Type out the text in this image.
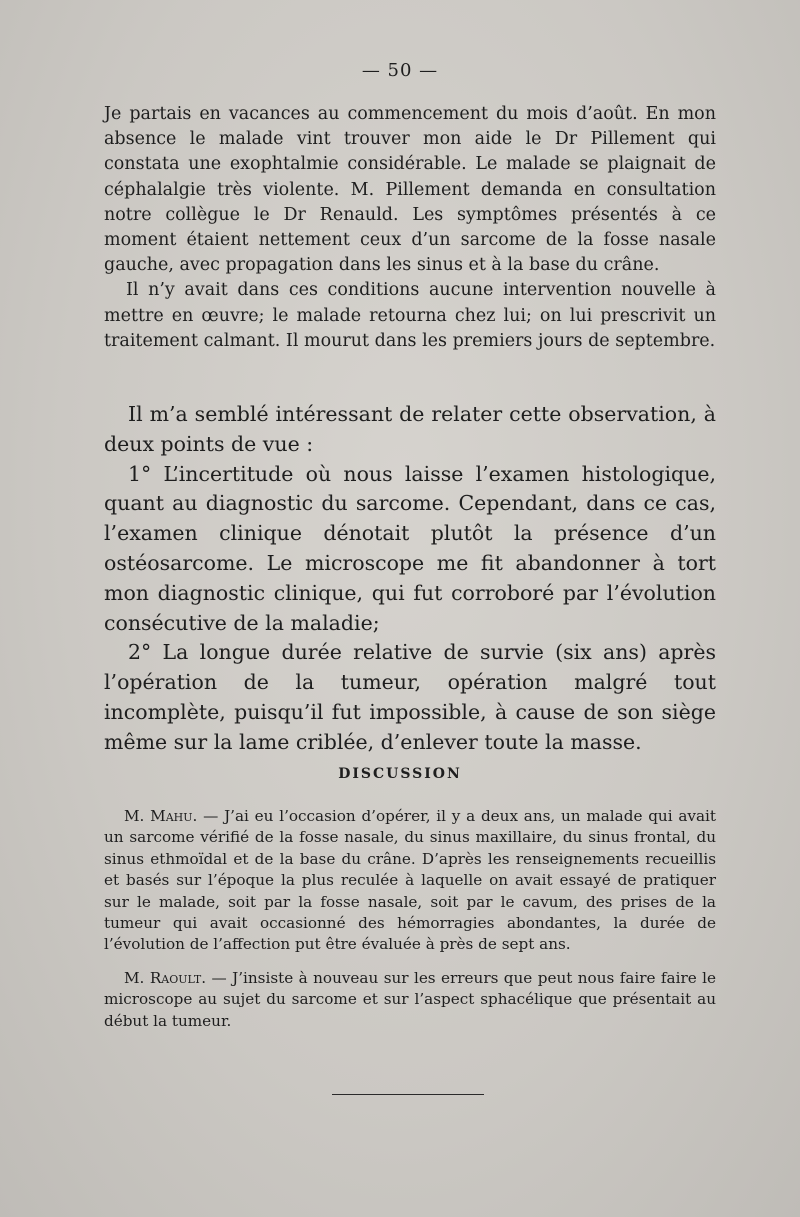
— 50 —

Je partais en vacances au commencement du mois d’août. En mon absence le malade vint trouver mon aide le Dr Pillement qui constata une exophtalmie considérable. Le malade se plaignait de céphalalgie très violente. M. Pillement demanda en consultation notre collègue le Dr Renauld. Les symptômes présentés à ce moment étaient nettement ceux d’un sarcome de la fosse nasale gauche, avec propagation dans les sinus et à la base du crâne.

Il n’y avait dans ces conditions aucune intervention nouvelle à mettre en œuvre; le malade retourna chez lui; on lui prescrivit un traitement calmant. Il mourut dans les premiers jours de septembre.

Il m’a semblé intéressant de relater cette observation, à deux points de vue :

1° L’incertitude où nous laisse l’examen histologique, quant au diagnostic du sarcome. Cependant, dans ce cas, l’examen clinique dénotait plutôt la présence d’un ostéosarcome. Le microscope me fit abandonner à tort mon diagnostic clinique, qui fut corroboré par l’évolution consécutive de la maladie;

2° La longue durée relative de survie (six ans) après l’opération de la tumeur, opération malgré tout incomplète, puisqu’il fut impossible, à cause de son siège même sur la lame criblée, d’enlever toute la masse.

DISCUSSION

M. Mahu. — J’ai eu l’occasion d’opérer, il y a deux ans, un malade qui avait un sarcome vérifié de la fosse nasale, du sinus maxillaire, du sinus frontal, du sinus ethmoïdal et de la base du crâne. D’après les renseignements recueillis et basés sur l’époque la plus reculée à laquelle on avait essayé de pratiquer sur le malade, soit par la fosse nasale, soit par le cavum, des prises de la tumeur qui avait occasionné des hémorragies abondantes, la durée de l’évolution de l’affection put être évaluée à près de sept ans.

M. Raoult. — J’insiste à nouveau sur les erreurs que peut nous faire faire le microscope au sujet du sarcome et sur l’aspect sphacélique que présentait au début la tumeur.
